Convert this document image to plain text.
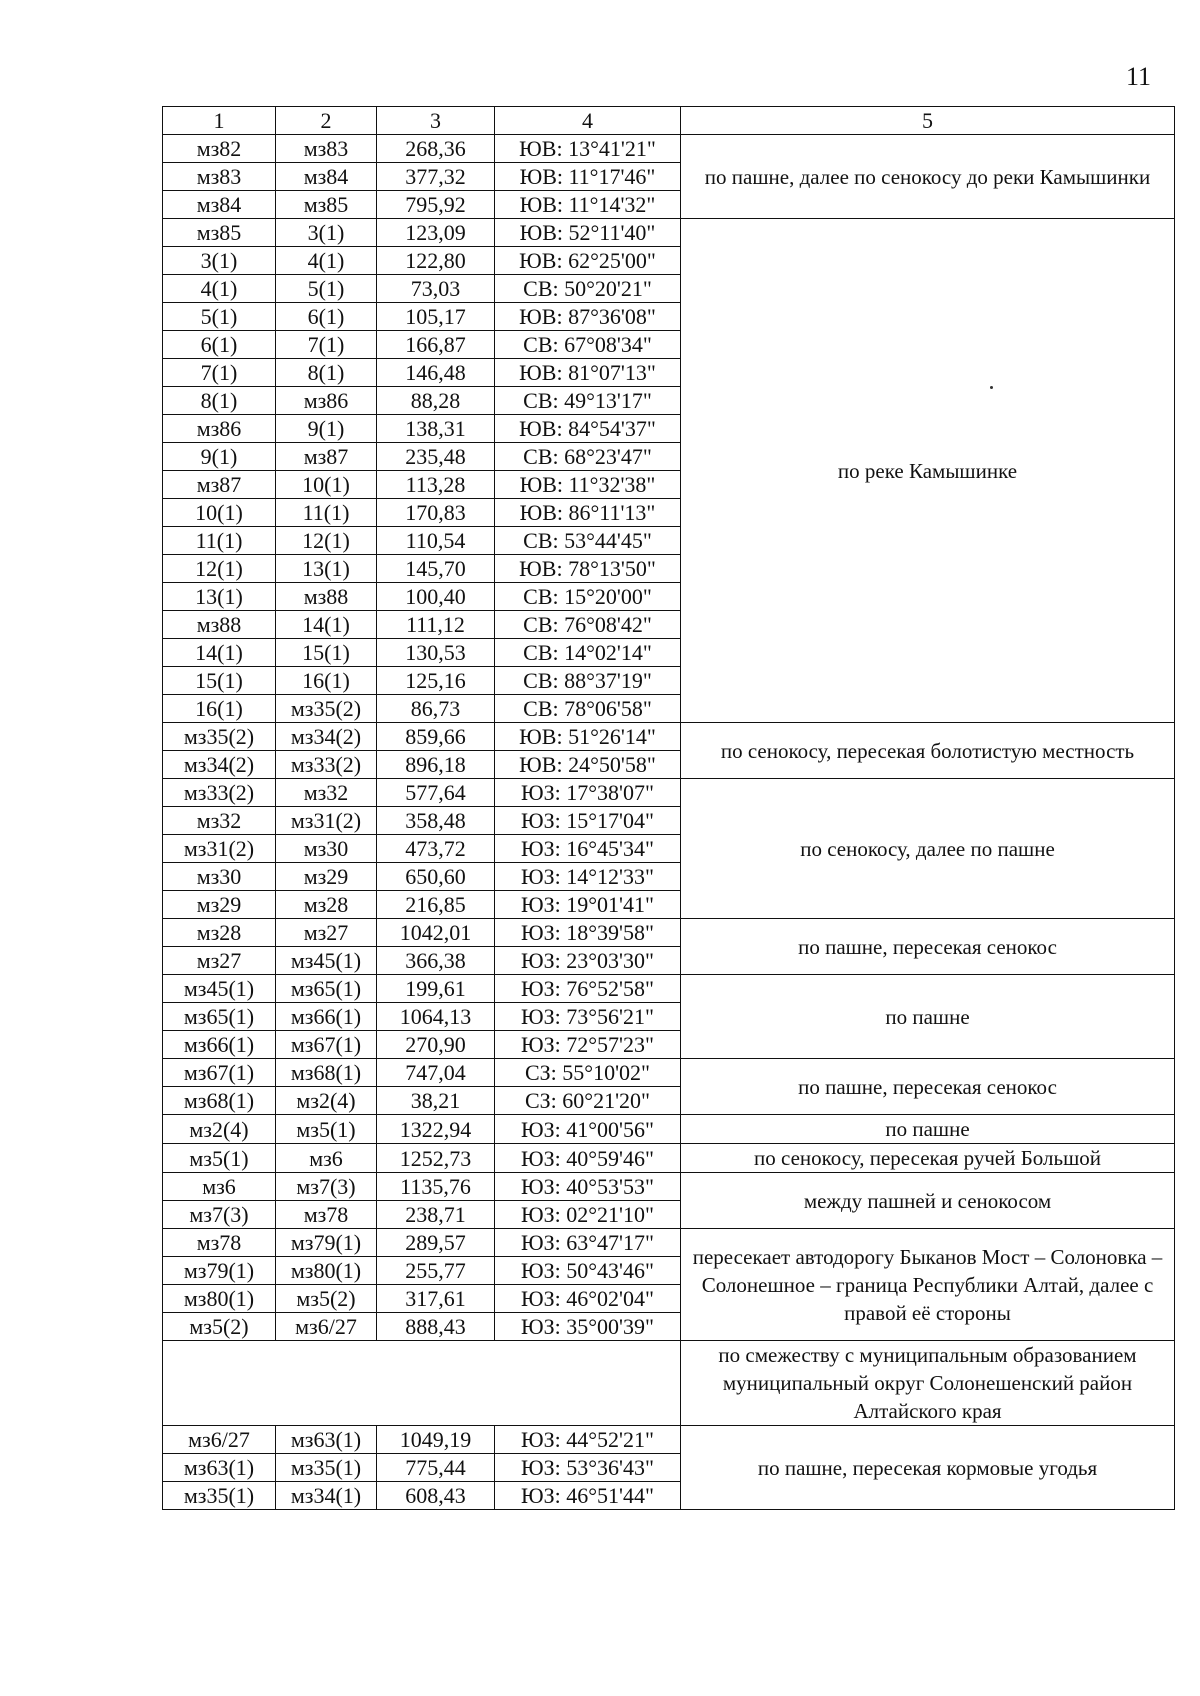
11
1	2	3	4	5
мз82	мз83	268,36	ЮВ: 13°41'21"	по пашне, далее по сенокосу до реки Камышинки
мз83	мз84	377,32	ЮВ: 11°17'46"	
мз84	мз85	795,92	ЮВ: 11°14'32"	
мз85	3(1)	123,09	ЮВ: 52°11'40"	по реке Камышинке
3(1)	4(1)	122,80	ЮВ: 62°25'00"	
4(1)	5(1)	73,03	СВ: 50°20'21"	
5(1)	6(1)	105,17	ЮВ: 87°36'08"	
6(1)	7(1)	166,87	СВ: 67°08'34"	
7(1)	8(1)	146,48	ЮВ: 81°07'13"	
8(1)	мз86	88,28	СВ: 49°13'17"	
мз86	9(1)	138,31	ЮВ: 84°54'37"	
9(1)	мз87	235,48	СВ: 68°23'47"	
мз87	10(1)	113,28	ЮВ: 11°32'38"	
10(1)	11(1)	170,83	ЮВ: 86°11'13"	
11(1)	12(1)	110,54	СВ: 53°44'45"	
12(1)	13(1)	145,70	ЮВ: 78°13'50"	
13(1)	мз88	100,40	СВ: 15°20'00"	
мз88	14(1)	111,12	СВ: 76°08'42"	
14(1)	15(1)	130,53	СВ: 14°02'14"	
15(1)	16(1)	125,16	СВ: 88°37'19"	
16(1)	мз35(2)	86,73	СВ: 78°06'58"	
мз35(2)	мз34(2)	859,66	ЮВ: 51°26'14"	по сенокосу, пересекая болотистую местность
мз34(2)	мз33(2)	896,18	ЮВ: 24°50'58"	
мз33(2)	мз32	577,64	ЮЗ: 17°38'07"	по сенокосу, далее по пашне
мз32	мз31(2)	358,48	ЮЗ: 15°17'04"	
мз31(2)	мз30	473,72	ЮЗ: 16°45'34"	
мз30	мз29	650,60	ЮЗ: 14°12'33"	
мз29	мз28	216,85	ЮЗ: 19°01'41"	
мз28	мз27	1042,01	ЮЗ: 18°39'58"	по пашне, пересекая сенокос
мз27	мз45(1)	366,38	ЮЗ: 23°03'30"	
мз45(1)	мз65(1)	199,61	ЮЗ: 76°52'58"	по пашне
мз65(1)	мз66(1)	1064,13	ЮЗ: 73°56'21"	
мз66(1)	мз67(1)	270,90	ЮЗ: 72°57'23"	
мз67(1)	мз68(1)	747,04	СЗ: 55°10'02"	по пашне, пересекая сенокос
мз68(1)	мз2(4)	38,21	СЗ: 60°21'20"	
мз2(4)	мз5(1)	1322,94	ЮЗ: 41°00'56"	по пашне
мз5(1)	мз6	1252,73	ЮЗ: 40°59'46"	по сенокосу, пересекая ручей Большой
мз6	мз7(3)	1135,76	ЮЗ: 40°53'53"	между пашней и сенокосом
мз7(3)	мз78	238,71	ЮЗ: 02°21'10"	
мз78	мз79(1)	289,57	ЮЗ: 63°47'17"	пересекает автодорогу Быканов Мост – Солоновка – Солонешное – граница Республики Алтай, далее с правой её стороны
мз79(1)	мз80(1)	255,77	ЮЗ: 50°43'46"	
мз80(1)	мз5(2)	317,61	ЮЗ: 46°02'04"	
мз5(2)	мз6/27	888,43	ЮЗ: 35°00'39"	
				по смежеству с муниципальным образованием муниципальный округ Солонешенский район Алтайского края
мз6/27	мз63(1)	1049,19	ЮЗ: 44°52'21"	по пашне, пересекая кормовые угодья
мз63(1)	мз35(1)	775,44	ЮЗ: 53°36'43"	
мз35(1)	мз34(1)	608,43	ЮЗ: 46°51'44"	
